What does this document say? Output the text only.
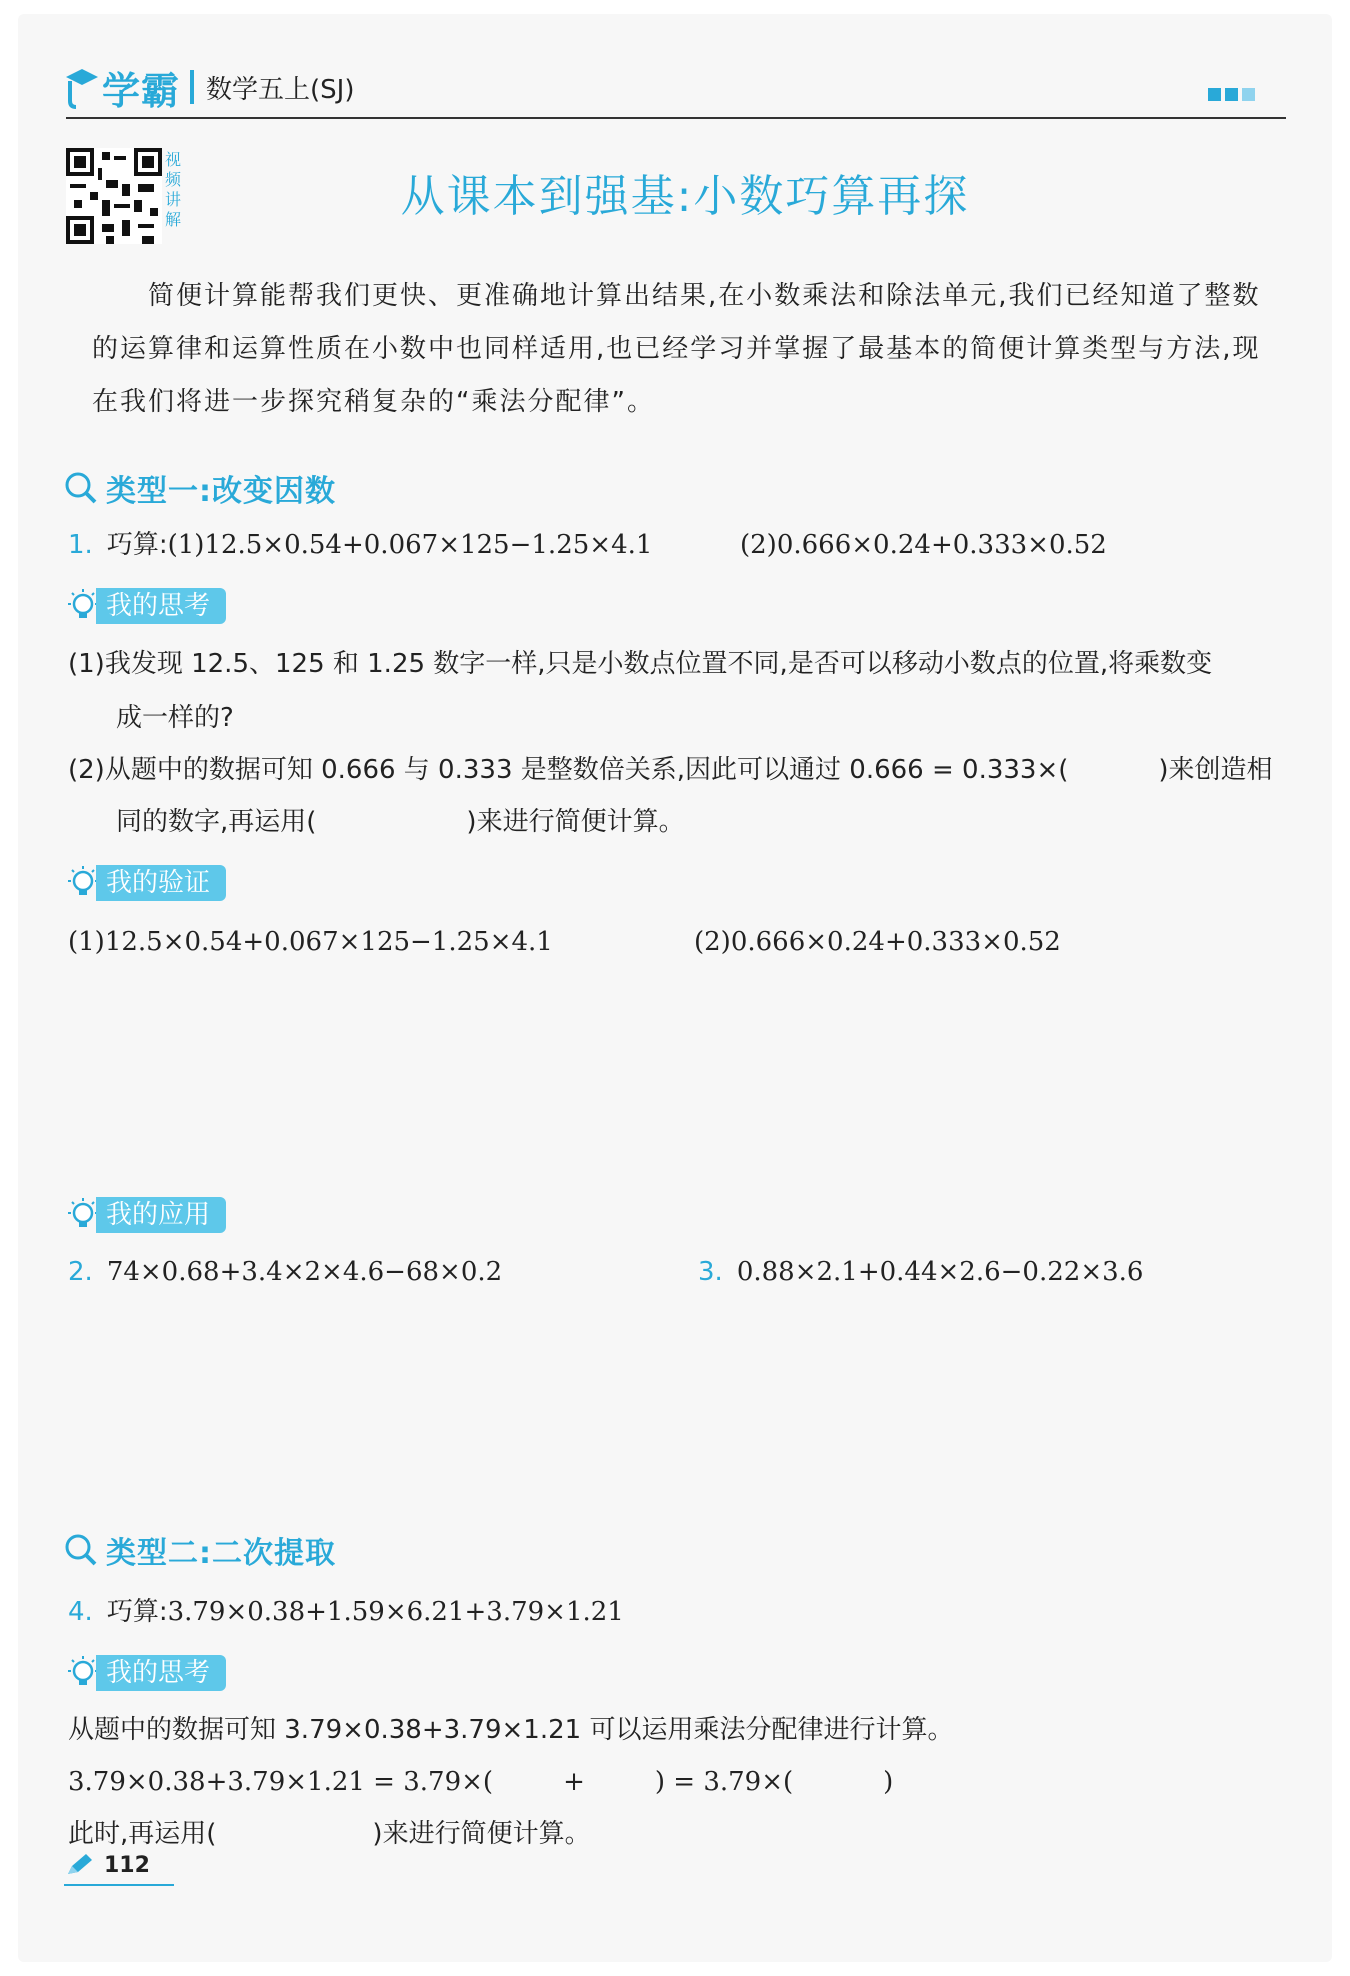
学霸 数学五上(SJ)
视频讲解	从课本到强基:小数巧算再探
简便计算能帮我们更快、更准确地计算出结果,在小数乘法和除法单元,我们已经知道了整数的运算律和运算性质在小数中也同样适用,也已经学习并掌握了最基本的简便计算类型与方法,现在我们将进一步探究稍复杂的“乘法分配律”。
类型一:改变因数
1. 巧算:(1)12.5×0.54+0.067×125−1.25×4.1	(2)0.666×0.24+0.333×0.52
我的思考
(1)我发现 12.5、125 和 1.25 数字一样,只是小数点位置不同,是否可以移动小数点的位置,将乘数变
成一样的?
(2)从题中的数据可知 0.666 与 0.333 是整数倍关系,因此可以通过 0.666 = 0.333×(	)来创造相
同的数字,再运用(	)来进行简便计算。
我的验证
(1)12.5×0.54+0.067×125−1.25×4.1	(2)0.666×0.24+0.333×0.52
我的应用
2. 74×0.68+3.4×2×4.6−68×0.2	3. 0.88×2.1+0.44×2.6−0.22×3.6
类型二:二次提取
4. 巧算:3.79×0.38+1.59×6.21+3.79×1.21
我的思考
从题中的数据可知 3.79×0.38+3.79×1.21 可以运用乘法分配律进行计算。
3.79×0.38+3.79×1.21 = 3.79×(	+	) = 3.79×(	)
此时,再运用(	)来进行简便计算。
112
